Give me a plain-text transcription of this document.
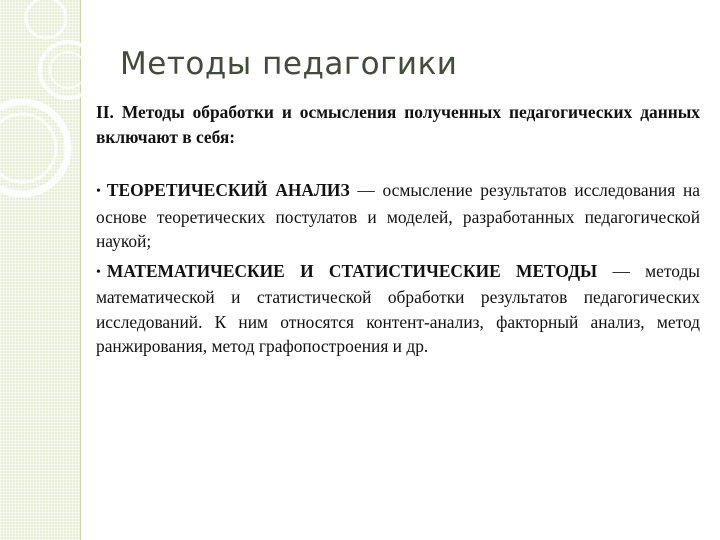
Методы педагогики

II. Методы обработки и осмысления полученных педагогических данных включают в себя:

• ТЕОРЕТИЧЕСКИЙ АНАЛИЗ — осмысление результатов исследования на основе теоретических постулатов и моделей, разработанных педагогической наукой;

• МАТЕМАТИЧЕСКИЕ И СТАТИСТИЧЕСКИЕ МЕТОДЫ — методы математической и статистической обработки результатов педагогических исследований. К ним относятся контент-анализ, факторный анализ, метод ранжирования, метод графопостроения и др.
